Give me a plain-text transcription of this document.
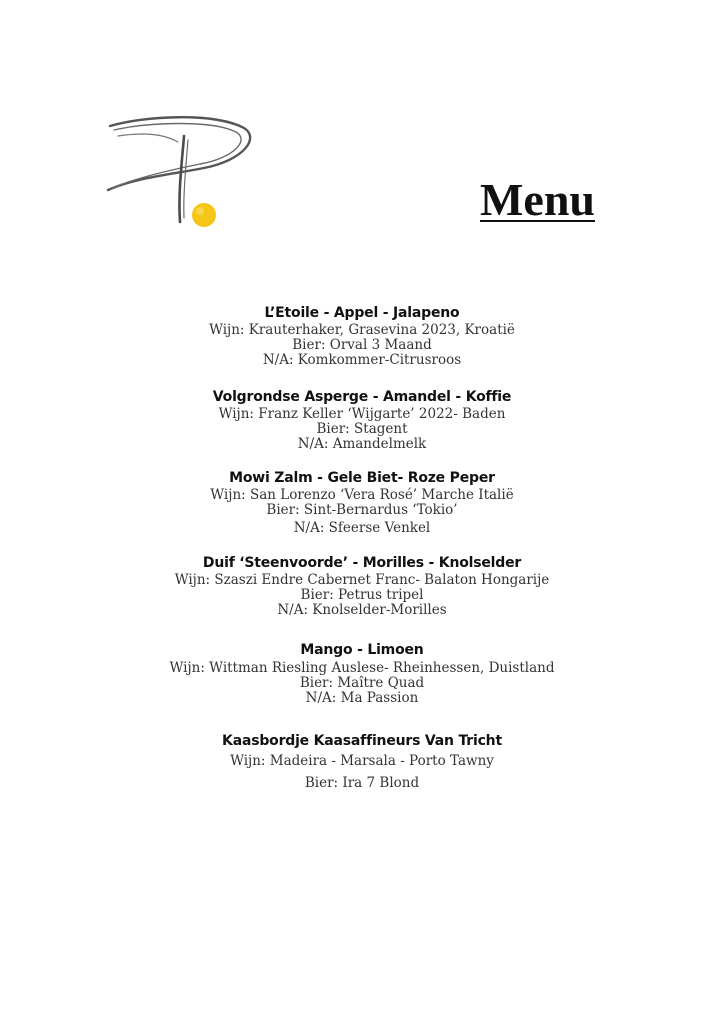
Menu

L’Etoile - Appel - Jalapeno

Wijn: Krauterhaker, Grasevina 2023, Kroatië

Bier: Orval 3 Maand

N/A: Komkommer-Citrusroos

Volgrondse Asperge - Amandel - Koffie

Wijn: Franz Keller ‘Wijgarte’ 2022- Baden

Bier: Stagent

N/A: Amandelmelk

Mowi Zalm - Gele Biet- Roze Peper

Wijn: San Lorenzo ‘Vera Rosé’ Marche Italië

Bier: Sint-Bernardus ‘Tokio’

N/A: Sfeerse Venkel

Duif ‘Steenvoorde’ - Morilles - Knolselder

Wijn: Szaszi Endre Cabernet Franc- Balaton Hongarije

Bier: Petrus tripel

N/A: Knolselder-Morilles

Mango - Limoen

Wijn: Wittman Riesling Auslese- Rheinhessen, Duistland

Bier: Maître Quad

N/A: Ma Passion

Kaasbordje Kaasaffineurs Van Tricht

Wijn: Madeira - Marsala - Porto Tawny

Bier: Ira 7 Blond
